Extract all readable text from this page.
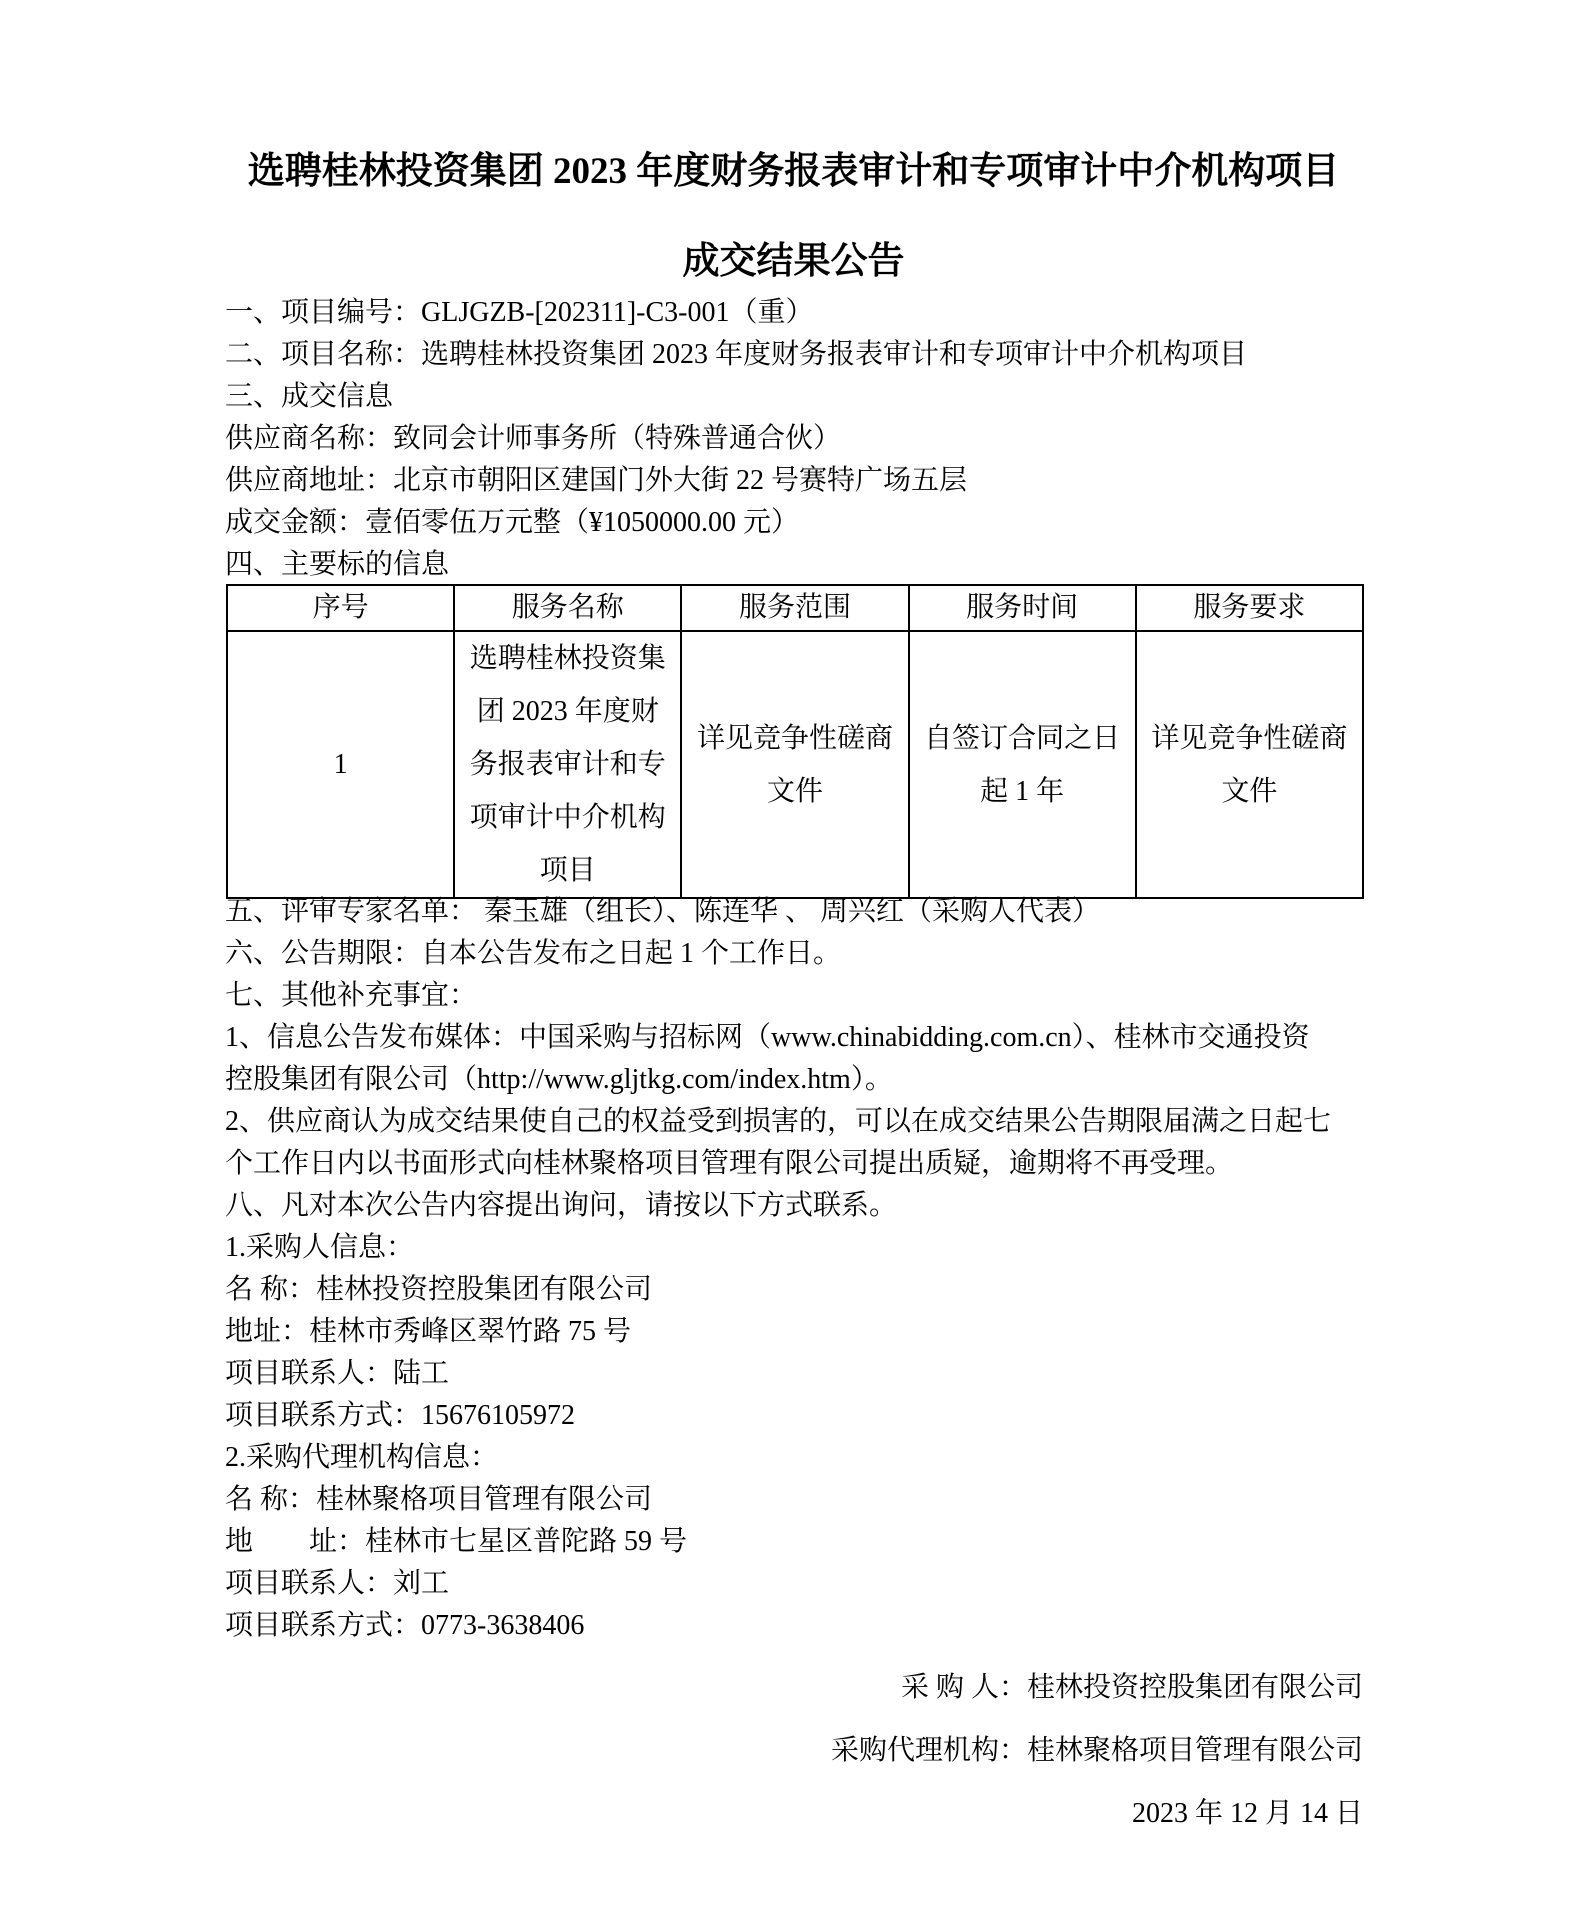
选聘桂林投资集团 2023 年度财务报表审计和专项审计中介机构项目
成交结果公告
一、项目编号：GLJGZB-[202311]-C3-001（重）
二、项目名称：选聘桂林投资集团 2023 年度财务报表审计和专项审计中介机构项目
三、成交信息
供应商名称：致同会计师事务所（特殊普通合伙）
供应商地址：北京市朝阳区建国门外大街 22 号赛特广场五层
成交金额：壹佰零伍万元整（¥1050000.00 元）
四、主要标的信息
序号	服务名称	服务范围	服务时间	服务要求
1	选聘桂林投资集团 2023 年度财务报表审计和专项审计中介机构项目	详见竞争性磋商文件	自签订合同之日起 1 年	详见竞争性磋商文件
五、评审专家名单： 秦玉雄（组长）、陈连华 、 周兴红（采购人代表）
六、公告期限：自本公告发布之日起 1 个工作日。
七、其他补充事宜：
1、信息公告发布媒体：中国采购与招标网（www.chinabidding.com.cn）、桂林市交通投资
控股集团有限公司（http://www.gljtkg.com/index.htm）。
2、供应商认为成交结果使自己的权益受到损害的，可以在成交结果公告期限届满之日起七
个工作日内以书面形式向桂林聚格项目管理有限公司提出质疑，逾期将不再受理。
八、凡对本次公告内容提出询问，请按以下方式联系。
1.采购人信息：
名 称：桂林投资控股集团有限公司
地址：桂林市秀峰区翠竹路 75 号
项目联系人：陆工
项目联系方式：15676105972
2.采购代理机构信息：
名 称：桂林聚格项目管理有限公司
地　　址：桂林市七星区普陀路 59 号
项目联系人：刘工
项目联系方式：0773-3638406
采 购 人：桂林投资控股集团有限公司
采购代理机构：桂林聚格项目管理有限公司
2023 年 12 月 14 日
